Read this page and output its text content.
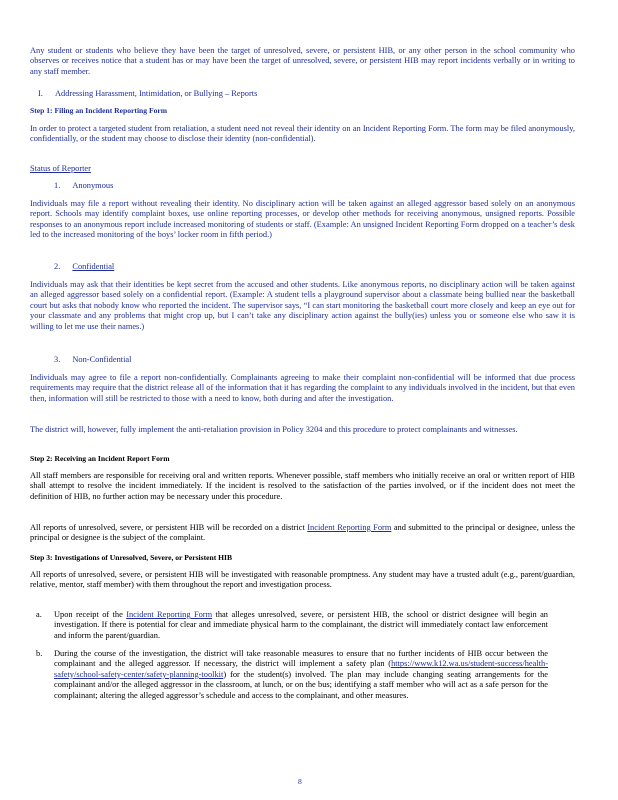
Any student or students who believe they have been the target of unresolved, severe, or persistent HIB, or any other person in the school community who observes or receives notice that a student has or may have been the target of unresolved, severe, or persistent HIB may report incidents verbally or in writing to any staff member.

I. Addressing Harassment, Intimidation, or Bullying – Reports
Step 1: Filing an Incident Reporting Form

In order to protect a targeted student from retaliation, a student need not reveal their identity on an Incident Reporting Form. The form may be filed anonymously, confidentially, or the student may choose to disclose their identity (non-confidential).

Status of Reporter
1. Anonymous

Individuals may file a report without revealing their identity. No disciplinary action will be taken against an alleged aggressor based solely on an anonymous report. Schools may identify complaint boxes, use online reporting processes, or develop other methods for receiving anonymous, unsigned reports. Possible responses to an anonymous report include increased monitoring of students or staff. (Example: An unsigned Incident Reporting Form dropped on a teacher’s desk led to the increased monitoring of the boys’ locker room in fifth period.)

2. Confidential

Individuals may ask that their identities be kept secret from the accused and other students. Like anonymous reports, no disciplinary action will be taken against an alleged aggressor based solely on a confidential report. (Example: A student tells a playground supervisor about a classmate being bullied near the basketball court but asks that nobody know who reported the incident. The supervisor says, “I can start monitoring the basketball court more closely and keep an eye out for your classmate and any problems that might crop up, but I can’t take any disciplinary action against the bully(ies) unless you or someone else who saw it is willing to let me use their names.)

3. Non-Confidential

Individuals may agree to file a report non-confidentially. Complainants agreeing to make their complaint non-confidential will be informed that due process requirements may require that the district release all of the information that it has regarding the complaint to any individuals involved in the incident, but that even then, information will still be restricted to those with a need to know, both during and after the investigation.

The district will, however, fully implement the anti-retaliation provision in Policy 3204 and this procedure to protect complainants and witnesses.

Step 2: Receiving an Incident Report Form

All staff members are responsible for receiving oral and written reports. Whenever possible, staff members who initially receive an oral or written report of HIB shall attempt to resolve the incident immediately. If the incident is resolved to the satisfaction of the parties involved, or if the incident does not meet the definition of HIB, no further action may be necessary under this procedure.

All reports of unresolved, severe, or persistent HIB will be recorded on a district Incident Reporting Form and submitted to the principal or designee, unless the principal or designee is the subject of the complaint.

Step 3: Investigations of Unresolved, Severe, or Persistent HIB

All reports of unresolved, severe, or persistent HIB will be investigated with reasonable promptness. Any student may have a trusted adult (e.g., parent/guardian, relative, mentor, staff member) with them throughout the report and investigation process.

a. Upon receipt of the Incident Reporting Form that alleges unresolved, severe, or persistent HIB, the school or district designee will begin an investigation. If there is potential for clear and immediate physical harm to the complainant, the district will immediately contact law enforcement and inform the parent/guardian.

b. During the course of the investigation, the district will take reasonable measures to ensure that no further incidents of HIB occur between the complainant and the alleged aggressor. If necessary, the district will implement a safety plan (https://www.k12.wa.us/student-success/health-safety/school-safety-center/safety-planning-toolkit) for the student(s) involved. The plan may include changing seating arrangements for the complainant and/or the alleged aggressor in the classroom, at lunch, or on the bus; identifying a staff member who will act as a safe person for the complainant; altering the alleged aggressor’s schedule and access to the complainant, and other measures.

8
